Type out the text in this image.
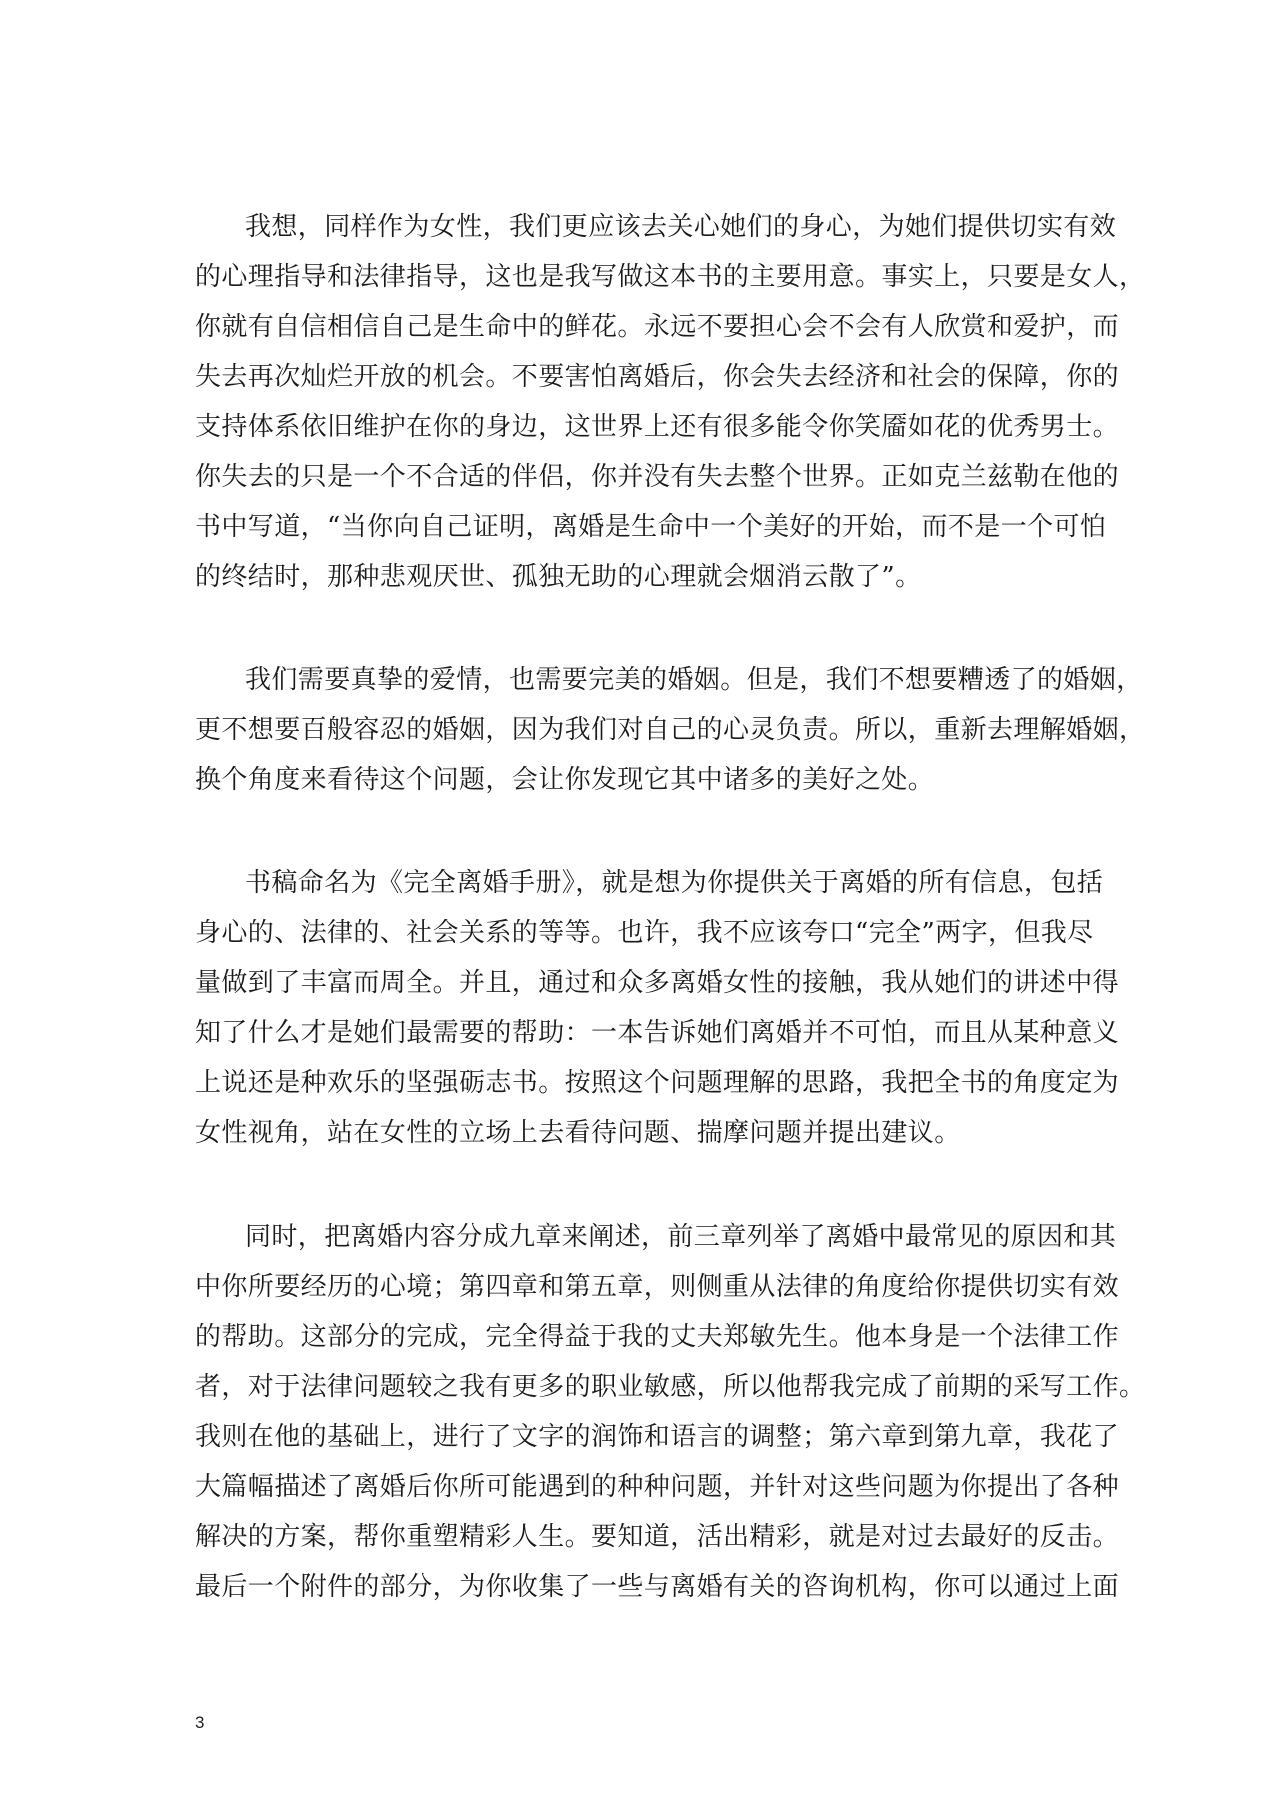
我想，同样作为女性，我们更应该去关心她们的身心，为她们提供切实有效
的心理指导和法律指导，这也是我写做这本书的主要用意。事实上，只要是女人，
你就有自信相信自己是生命中的鲜花。永远不要担心会不会有人欣赏和爱护，而
失去再次灿烂开放的机会。不要害怕离婚后，你会失去经济和社会的保障，你的
支持体系依旧维护在你的身边，这世界上还有很多能令你笑靥如花的优秀男士。
你失去的只是一个不合适的伴侣，你并没有失去整个世界。正如克兰兹勒在他的
书中写道，“当你向自己证明，离婚是生命中一个美好的开始，而不是一个可怕
的终结时，那种悲观厌世、孤独无助的心理就会烟消云散了”。

我们需要真挚的爱情，也需要完美的婚姻。但是，我们不想要糟透了的婚姻，
更不想要百般容忍的婚姻，因为我们对自己的心灵负责。所以，重新去理解婚姻，
换个角度来看待这个问题，会让你发现它其中诸多的美好之处。

书稿命名为《完全离婚手册》，就是想为你提供关于离婚的所有信息，包括
身心的、法律的、社会关系的等等。也许，我不应该夸口“完全”两字，但我尽
量做到了丰富而周全。并且，通过和众多离婚女性的接触，我从她们的讲述中得
知了什么才是她们最需要的帮助：一本告诉她们离婚并不可怕，而且从某种意义
上说还是种欢乐的坚强砺志书。按照这个问题理解的思路，我把全书的角度定为
女性视角，站在女性的立场上去看待问题、揣摩问题并提出建议。

同时，把离婚内容分成九章来阐述，前三章列举了离婚中最常见的原因和其
中你所要经历的心境；第四章和第五章，则侧重从法律的角度给你提供切实有效
的帮助。这部分的完成，完全得益于我的丈夫郑敏先生。他本身是一个法律工作
者，对于法律问题较之我有更多的职业敏感，所以他帮我完成了前期的采写工作。
我则在他的基础上，进行了文字的润饰和语言的调整；第六章到第九章，我花了
大篇幅描述了离婚后你所可能遇到的种种问题，并针对这些问题为你提出了各种
解决的方案，帮你重塑精彩人生。要知道，活出精彩，就是对过去最好的反击。
最后一个附件的部分，为你收集了一些与离婚有关的咨询机构，你可以通过上面

3
